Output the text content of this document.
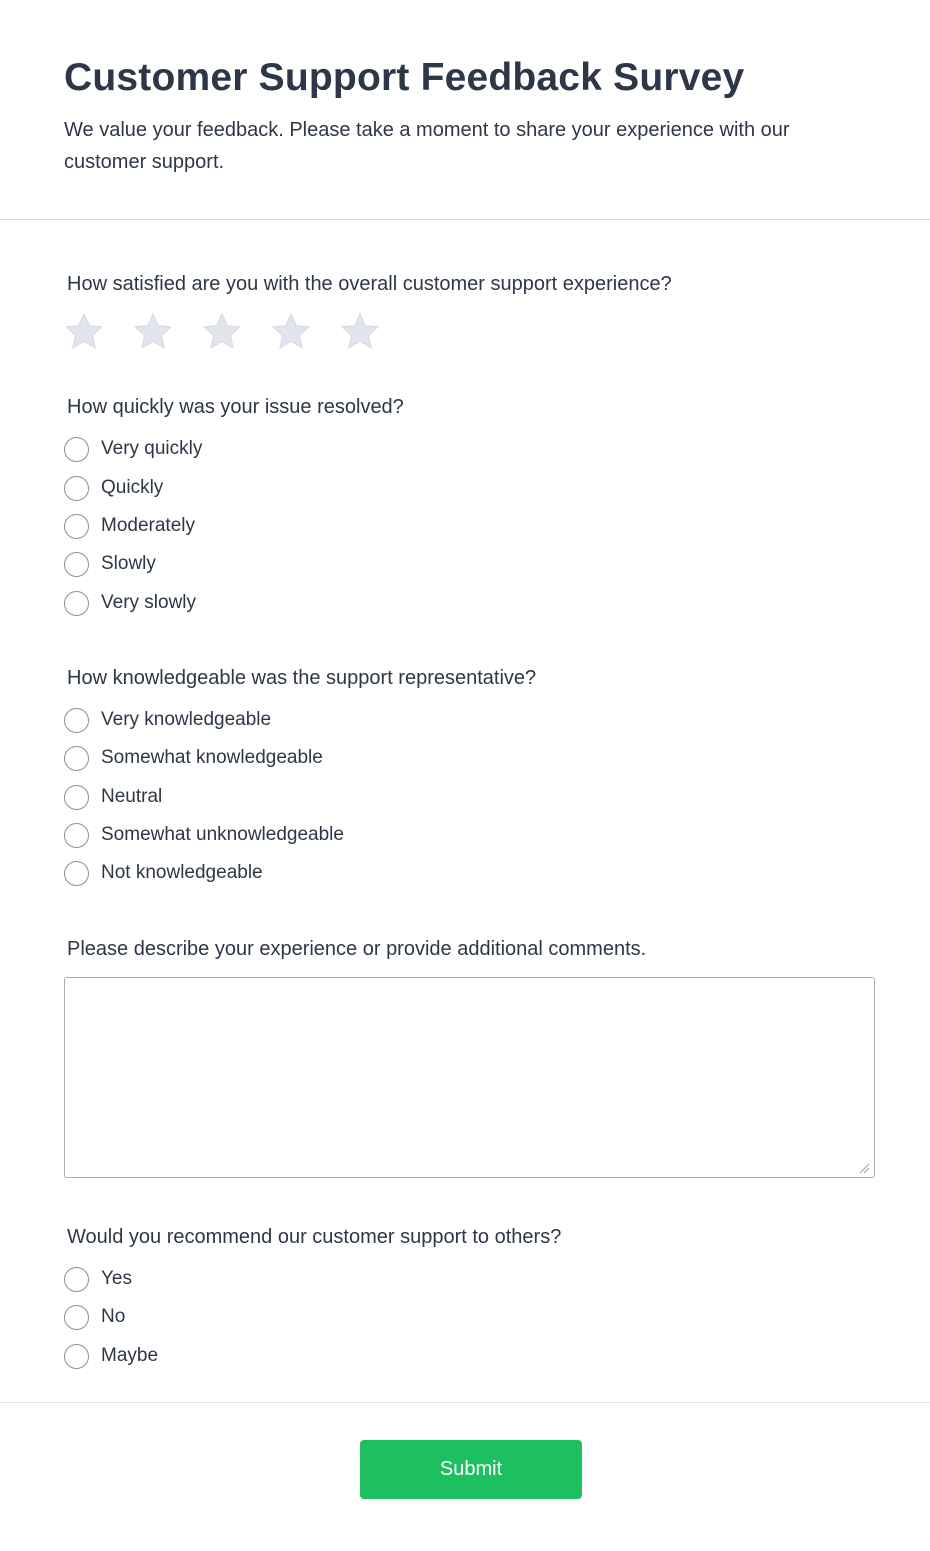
Customer Support Feedback Survey

We value your feedback. Please take a moment to share your experience with our customer support.

How satisfied are you with the overall customer support experience?
How quickly was your issue resolved?
Very quickly
Quickly
Moderately
Slowly
Very slowly
How knowledgeable was the support representative?
Very knowledgeable
Somewhat knowledgeable
Neutral
Somewhat unknowledgeable
Not knowledgeable
Please describe your experience or provide additional comments.
Would you recommend our customer support to others?
Yes
No
Maybe
Submit
